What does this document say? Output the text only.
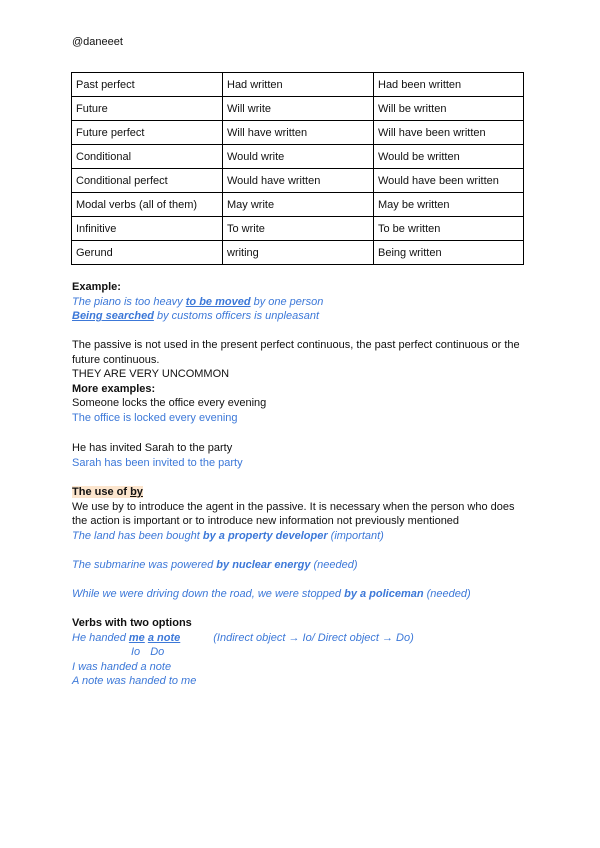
@daneeet
Past perfect	Had written	Had been written
Future	Will write	Will be written
Future perfect	Will have written	Will have been written
Conditional	Would write	Would be written
Conditional perfect	Would have written	Would have been written
Modal verbs (all of them)	May write	May be written
Infinitive	To write	To be written
Gerund	writing	Being written
Example:
The piano is too heavy to be moved by one person
Being searched by customs officers is unpleasant
The passive is not used in the present perfect continuous, the past perfect continuous or the
future continuous.
THEY ARE VERY UNCOMMON
More examples:
Someone locks the office every evening
The office is locked every evening
He has invited Sarah to the party
Sarah has been invited to the party
The use of by
We use by to introduce the agent in the passive. It is necessary when the person who does
the action is important or to introduce new information not previously mentioned
The land has been bought by a property developer (important)
The submarine was powered by nuclear energy (needed)
While we were driving down the road, we were stopped by a policeman (needed)
Verbs with two options
He handed me a note	(Indirect object → Io/ Direct object → Do)
Io Do
I was handed a note
A note was handed to me
